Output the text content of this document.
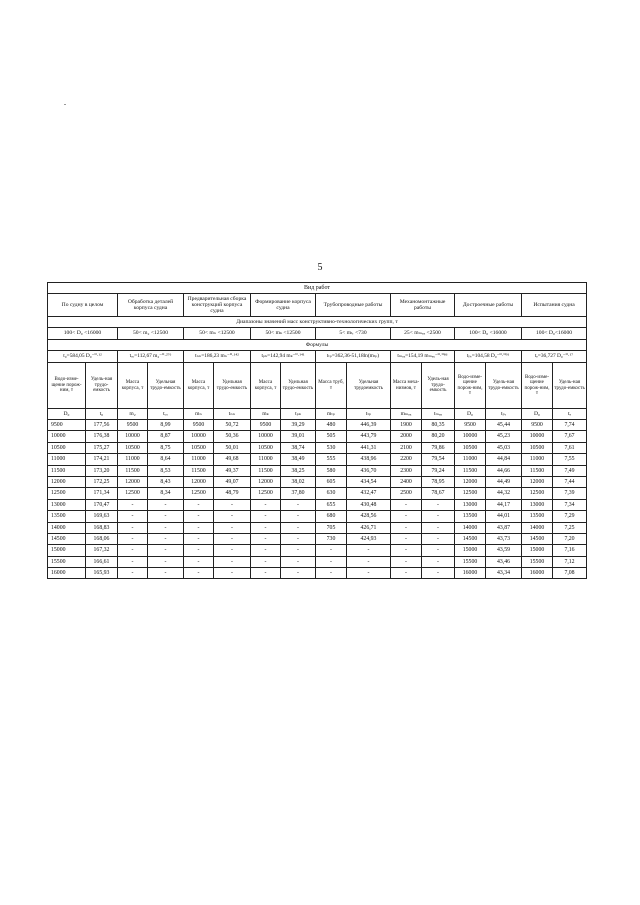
5
Вид работ															
По судну в целом		Обработка деталей корпуса судна		Предварительная сборка конструкций корпуса судна		Формирование корпуса судна		Трубопроводные работы		Механомонтажные работы		Достроечные работы		Испытания судна	
Диапазоны значений масс конструктивно-технологических групп, т															
100< D₀ <16000		50< m₂ <12500		50< mₙ <12500		50< mₖ <12500		5< mₜᵣ <730		25< mₘₑₓ <2500		100< D₀ <16000		100< D₀<16000	
Формулы															
t₀=584,05 D₀⁻⁰·¹²		tₒₒ=112,67 m₂⁻⁰·²⁷⁶		tₙₙ=186,23 mₙ⁻⁰·¹⁴²		tₚₖ=142,94 mₖ⁻⁰·¹⁴¹		tₜₚ=362,36-51,18ln(mₜₚ)		tₘₑₓ=154,19 mₘₑₓ⁻⁰·⁰⁸⁶		tₚᵣ=104,58 D₀⁻⁰·⁰⁹¹		tₑ=36,727 D₀⁻⁰·¹⁷	
Водо-изме-щение порож-ним, т	Удель-ная трудо-емкость	Масса корпуса, т	Удельная трудо-емкость	Масса корпуса, т	Удельная трудо-емкость	Масса корпуса, т	Удельная трудо-емкость	Масса труб, т	Удельная трудоемкость	Масса меха-низмов, т	Удель-ная трудо-емкость	Водо-изме-щение порож-ним, т	Удель-ная трудо-емкость	Водо-изме-щение порож-ним, т	Удель-ная трудо-емкость
D₀	t₀	m₂	tₒₒ	mₙ	tₙₙ	mₖ	tₚₖ	mₜₚ	tₜₚ	mₘₑₓ	tₘₑₓ	D₀	tₚᵣ	D₀	tₑ
9500	177,56	9500	8,99	9500	50,72	9500	39,29	480	446,39	1900	80,35	9500	45,44	9500	7,74
10000	176,38	10000	8,87	10000	50,36	10000	39,01	505	443,79	2000	80,20	10000	45,23	10000	7,67
10500	175,27	10500	8,75	10500	50,01	10500	38,74	530	441,31	2100	79,86	10500	45,03	10500	7,61
11000	174,21	11000	8,64	11000	49,68	11000	38,49	555	438,96	2200	79,54	11000	44,84	11000	7,55
11500	173,20	11500	8,53	11500	49,37	11500	38,25	580	436,70	2300	79,24	11500	44,66	11500	7,49
12000	172,25	12000	8,43	12000	49,07	12000	38,02	605	434,54	2400	78,95	12000	44,49	12000	7,44
12500	171,34	12500	8,34	12500	48,79	12500	37,80	630	432,47	2500	78,67	12500	44,32	12500	7,39
13000	170,47	-	-	-	-	-	-	655	430,48	-	-	13000	44,17	13000	7,34
13500	169,63	-	-	-	-	-	-	680	428,56	-	-	13500	44,01	13500	7,29
14000	168,83	-	-	-	-	-	-	705	426,71	-	-	14000	43,87	14000	7,25
14500	168,06	-	-	-	-	-	-	730	424,93	-	-	14500	43,73	14500	7,20
15000	167,32	-	-	-	-	-	-	-	-	-	-	15000	43,59	15000	7,16
15500	166,61	-	-	-	-	-	-	-	-	-	-	15500	43,46	15500	7,12
16000	165,93	-	-	-	-	-	-	-	-	-	-	16000	43,34	16000	7,08
